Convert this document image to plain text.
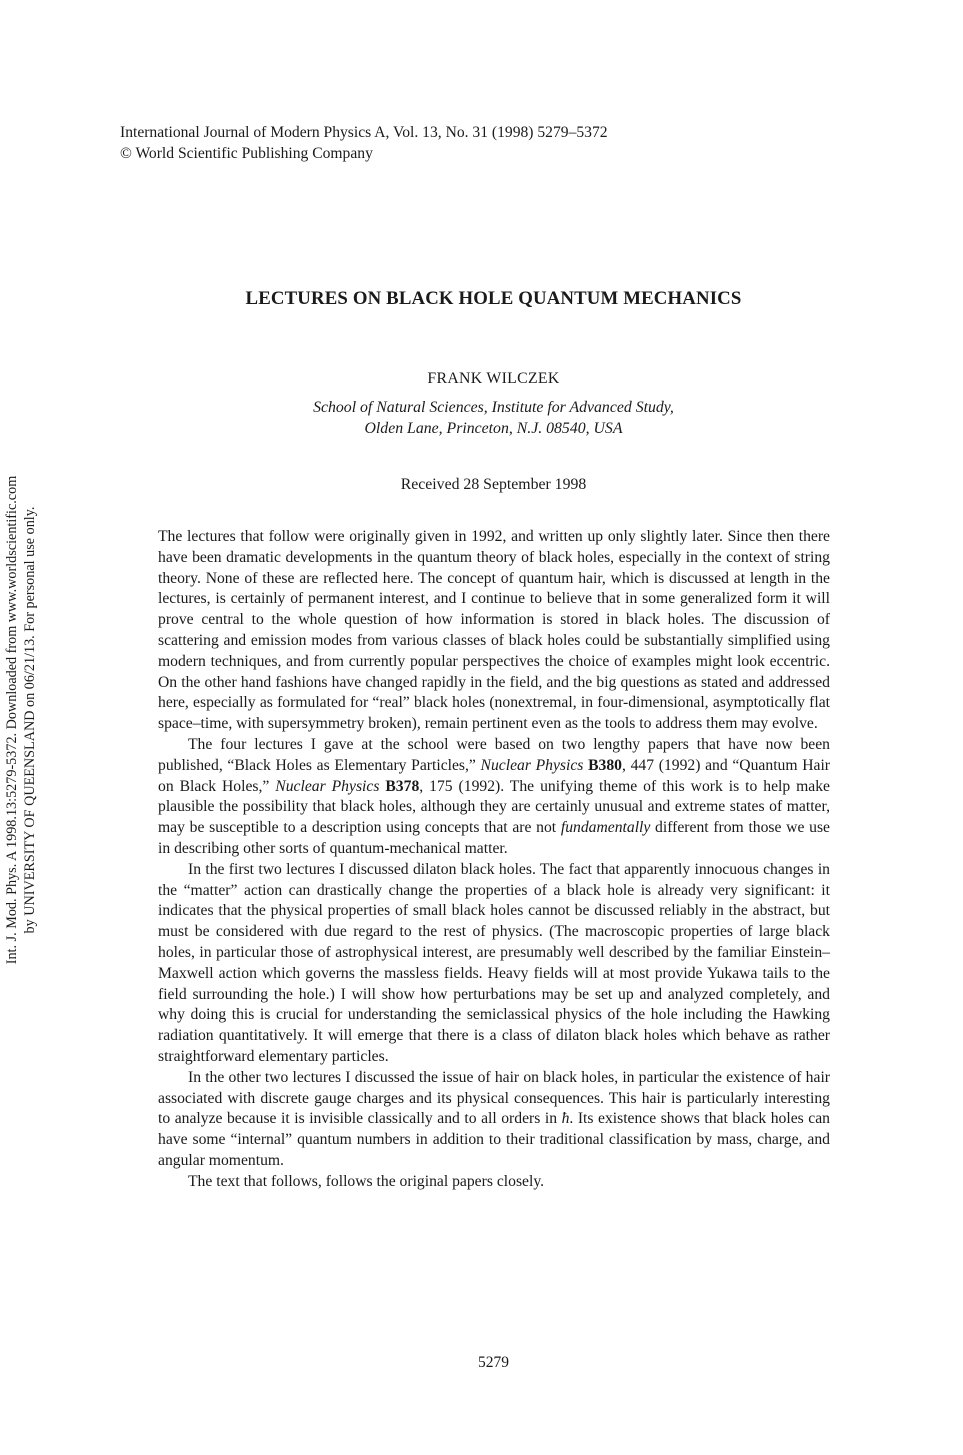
International Journal of Modern Physics A, Vol. 13, No. 31 (1998) 5279–5372
© World Scientific Publishing Company
Int. J. Mod. Phys. A 1998.13:5279-5372. Downloaded from www.worldscientific.com by UNIVERSITY OF QUEENSLAND on 06/21/13. For personal use only.
LECTURES ON BLACK HOLE QUANTUM MECHANICS
FRANK WILCZEK
School of Natural Sciences, Institute for Advanced Study,
Olden Lane, Princeton, N.J. 08540, USA
Received 28 September 1998

The lectures that follow were originally given in 1992, and written up only slightly later. Since then there have been dramatic developments in the quantum theory of black holes, especially in the context of string theory. None of these are reflected here. The concept of quantum hair, which is discussed at length in the lectures, is certainly of permanent interest, and I continue to believe that in some generalized form it will prove central to the whole question of how information is stored in black holes. The discussion of scattering and emission modes from various classes of black holes could be substantially simplified using modern techniques, and from currently popular perspectives the choice of examples might look eccentric. On the other hand fashions have changed rapidly in the field, and the big questions as stated and addressed here, especially as formulated for “real” black holes (nonextremal, in four-dimensional, asymptotically flat space–time, with supersymmetry broken), remain pertinent even as the tools to address them may evolve.

The four lectures I gave at the school were based on two lengthy papers that have now been published, “Black Holes as Elementary Particles,” Nuclear Physics B380, 447 (1992) and “Quantum Hair on Black Holes,” Nuclear Physics B378, 175 (1992). The unifying theme of this work is to help make plausible the possibility that black holes, although they are certainly unusual and extreme states of matter, may be susceptible to a description using concepts that are not fundamentally different from those we use in describing other sorts of quantum-mechanical matter.

In the first two lectures I discussed dilaton black holes. The fact that apparently innocuous changes in the “matter” action can drastically change the properties of a black hole is already very significant: it indicates that the physical properties of small black holes cannot be discussed reliably in the abstract, but must be considered with due regard to the rest of physics. (The macroscopic properties of large black holes, in particular those of astrophysical interest, are presumably well described by the familiar Einstein–Maxwell action which governs the massless fields. Heavy fields will at most provide Yukawa tails to the field surrounding the hole.) I will show how perturbations may be set up and analyzed completely, and why doing this is crucial for understanding the semiclassical physics of the hole including the Hawking radiation quantitatively. It will emerge that there is a class of dilaton black holes which behave as rather straightforward elementary particles.

In the other two lectures I discussed the issue of hair on black holes, in particular the existence of hair associated with discrete gauge charges and its physical consequences. This hair is particularly interesting to analyze because it is invisible classically and to all orders in ħ. Its existence shows that black holes can have some “internal” quantum numbers in addition to their traditional classification by mass, charge, and angular momentum.

The text that follows, follows the original papers closely.

5279
